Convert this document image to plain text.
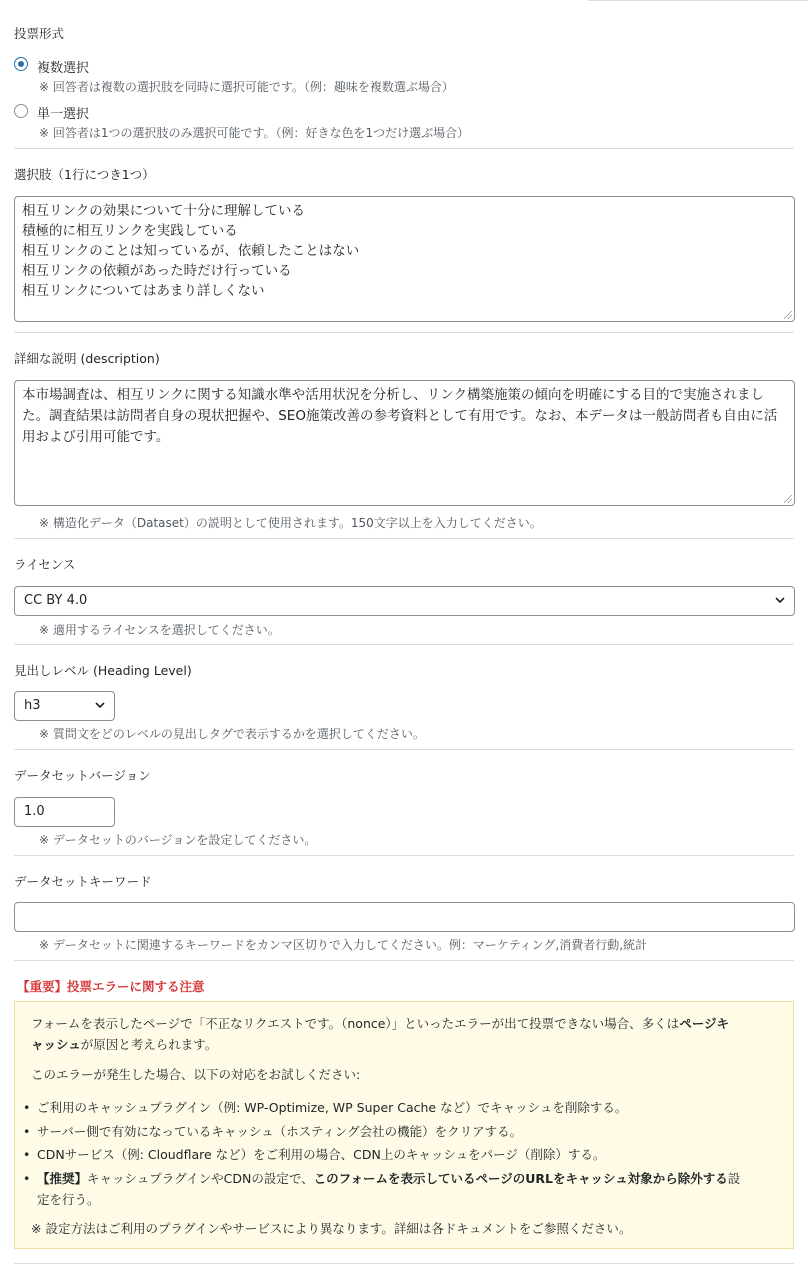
投票形式
複数選択
※ 回答者は複数の選択肢を同時に選択可能です。（例：趣味を複数選ぶ場合）
単一選択
※ 回答者は1つの選択肢のみ選択可能です。（例：好きな色を1つだけ選ぶ場合）
選択肢（1行につき1つ）
相互リンクの効果について十分に理解している
積極的に相互リンクを実践している
相互リンクのことは知っているが、依頼したことはない
相互リンクの依頼があった時だけ行っている
相互リンクについてはあまり詳しくない
詳細な説明 (description)
本市場調査は、相互リンクに関する知識水準や活用状況を分析し、リンク構築施策の傾向を明確にする目的で実施されました。調査結果は訪問者自身の現状把握や、SEO施策改善の参考資料として有用です。なお、本データは一般訪問者も自由に活用および引用可能です。
※ 構造化データ（Dataset）の説明として使用されます。150文字以上を入力してください。
ライセンス
CC BY 4.0
※ 適用するライセンスを選択してください。
見出しレベル (Heading Level)
h3
※ 質問文をどのレベルの見出しタグで表示するかを選択してください。
データセットバージョン
1.0
※ データセットのバージョンを設定してください。
データセットキーワード
※ データセットに関連するキーワードをカンマ区切りで入力してください。例：マーケティング,消費者行動,統計
【重要】投票エラーに関する注意
フォームを表示したページで「不正なリクエストです。（nonce）」といったエラーが出て投票できない場合、多くはページキ
ャッシュが原因と考えられます。
このエラーが発生した場合、以下の対応をお試しください:
• ご利用のキャッシュプラグイン（例: WP-Optimize, WP Super Cache など）でキャッシュを削除する。
• サーバー側で有効になっているキャッシュ（ホスティング会社の機能）をクリアする。
• CDNサービス（例: Cloudflare など）をご利用の場合、CDN上のキャッシュをパージ（削除）する。
• 【推奨】キャッシュプラグインやCDNの設定で、このフォームを表示しているページのURLをキャッシュ対象から除外する設
定を行う。
※ 設定方法はご利用のプラグインやサービスにより異なります。詳細は各ドキュメントをご参照ください。
